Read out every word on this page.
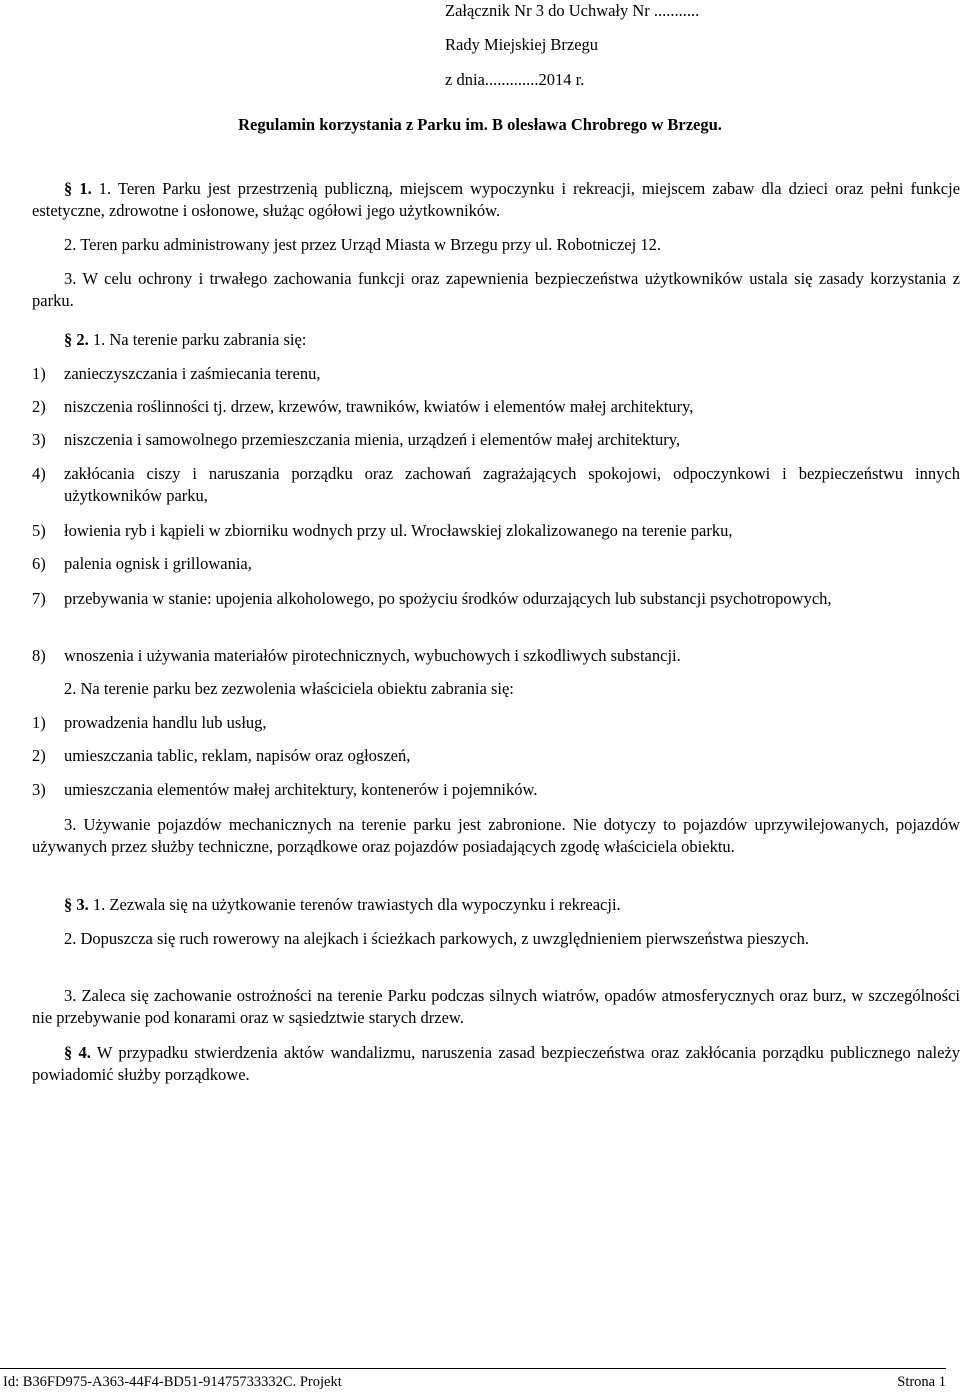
Załącznik Nr 3 do Uchwały Nr ...........

Rady Miejskiej Brzegu

z dnia.............2014 r.

Regulamin korzystania z Parku im. B olesława Chrobrego w Brzegu.

§ 1. 1. Teren Parku jest przestrzenią publiczną, miejscem wypoczynku i rekreacji, miejscem zabaw dla dzieci oraz pełni funkcje estetyczne, zdrowotne i osłonowe, służąc ogółowi jego użytkowników.

2. Teren parku administrowany jest przez Urząd Miasta w Brzegu przy ul. Robotniczej 12.

3. W celu ochrony i trwałego zachowania funkcji oraz zapewnienia bezpieczeństwa użytkowników ustala się zasady korzystania z parku.

§ 2. 1. Na terenie parku zabrania się:

1)	zanieczyszczania i zaśmiecania terenu,
2)	niszczenia roślinności tj. drzew, krzewów, trawników, kwiatów i elementów małej architektury,
3)	niszczenia i samowolnego przemieszczania mienia, urządzeń i elementów małej architektury,
4)	zakłócania ciszy i naruszania porządku oraz zachowań zagrażających spokojowi, odpoczynkowi i bezpieczeństwu innych użytkowników parku,
5)	łowienia ryb i kąpieli w zbiorniku wodnych przy ul. Wrocławskiej zlokalizowanego na terenie parku,
6)	palenia ognisk i grillowania,
7)	przebywania w stanie: upojenia alkoholowego, po spożyciu środków odurzających lub substancji psychotropowych,
8)	wnoszenia i używania materiałów pirotechnicznych, wybuchowych i szkodliwych substancji.

2. Na terenie parku bez zezwolenia właściciela obiektu zabrania się:

1)	prowadzenia handlu lub usług,
2)	umieszczania tablic, reklam, napisów oraz ogłoszeń,
3)	umieszczania elementów małej architektury, kontenerów i pojemników.

3. Używanie pojazdów mechanicznych na terenie parku jest zabronione. Nie dotyczy to pojazdów uprzywilejowanych, pojazdów używanych przez służby techniczne, porządkowe oraz pojazdów posiadających zgodę właściciela obiektu.

§ 3. 1. Zezwala się na użytkowanie terenów trawiastych dla wypoczynku i rekreacji.

2. Dopuszcza się ruch rowerowy na alejkach i ścieżkach parkowych, z uwzględnieniem pierwszeństwa pieszych.

3. Zaleca się zachowanie ostrożności na terenie Parku podczas silnych wiatrów, opadów atmosferycznych oraz burz, w szczególności nie przebywanie pod konarami oraz w sąsiedztwie starych drzew.

§ 4. W przypadku stwierdzenia aktów wandalizmu, naruszenia zasad bezpieczeństwa oraz zakłócania porządku publicznego należy powiadomić służby porządkowe.

Id: B36FD975-A363-44F4-BD51-91475733332C. Projekt	Strona 1
